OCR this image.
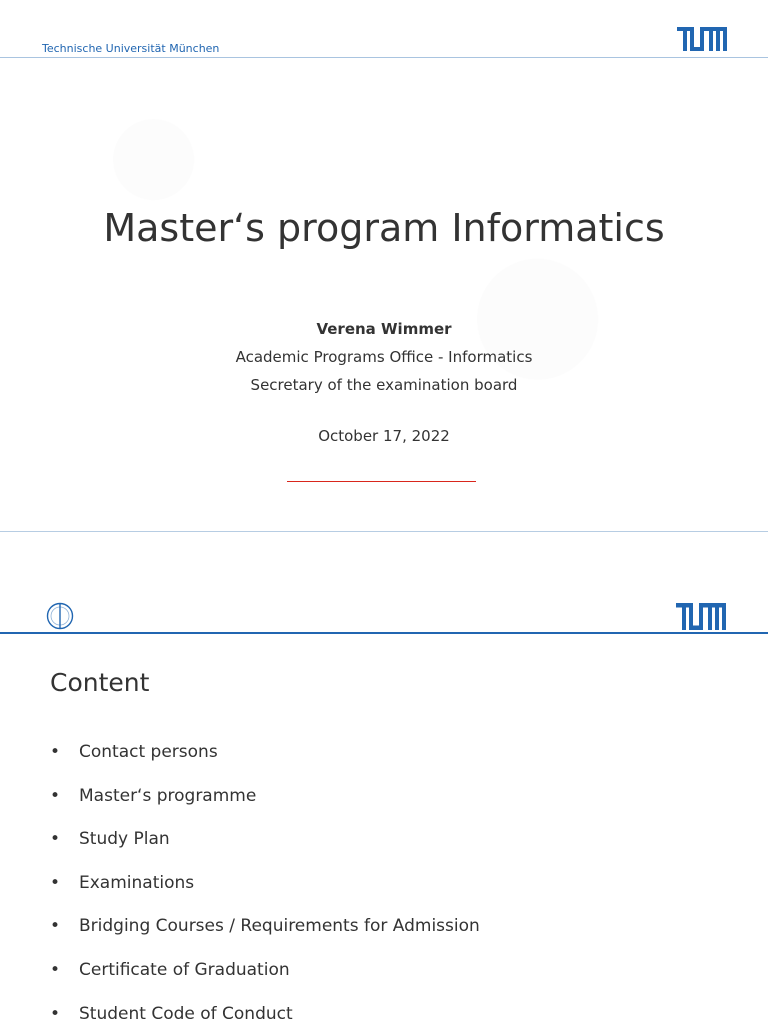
Technische Universität München
Master‘s program Informatics
Verena Wimmer
Academic Programs Office - Informatics
Secretary of the examination board
October 17, 2022
Content
• Contact persons
• Master‘s programme
• Study Plan
• Examinations
• Bridging Courses / Requirements for Admission
• Certificate of Graduation
• Student Code of Conduct
